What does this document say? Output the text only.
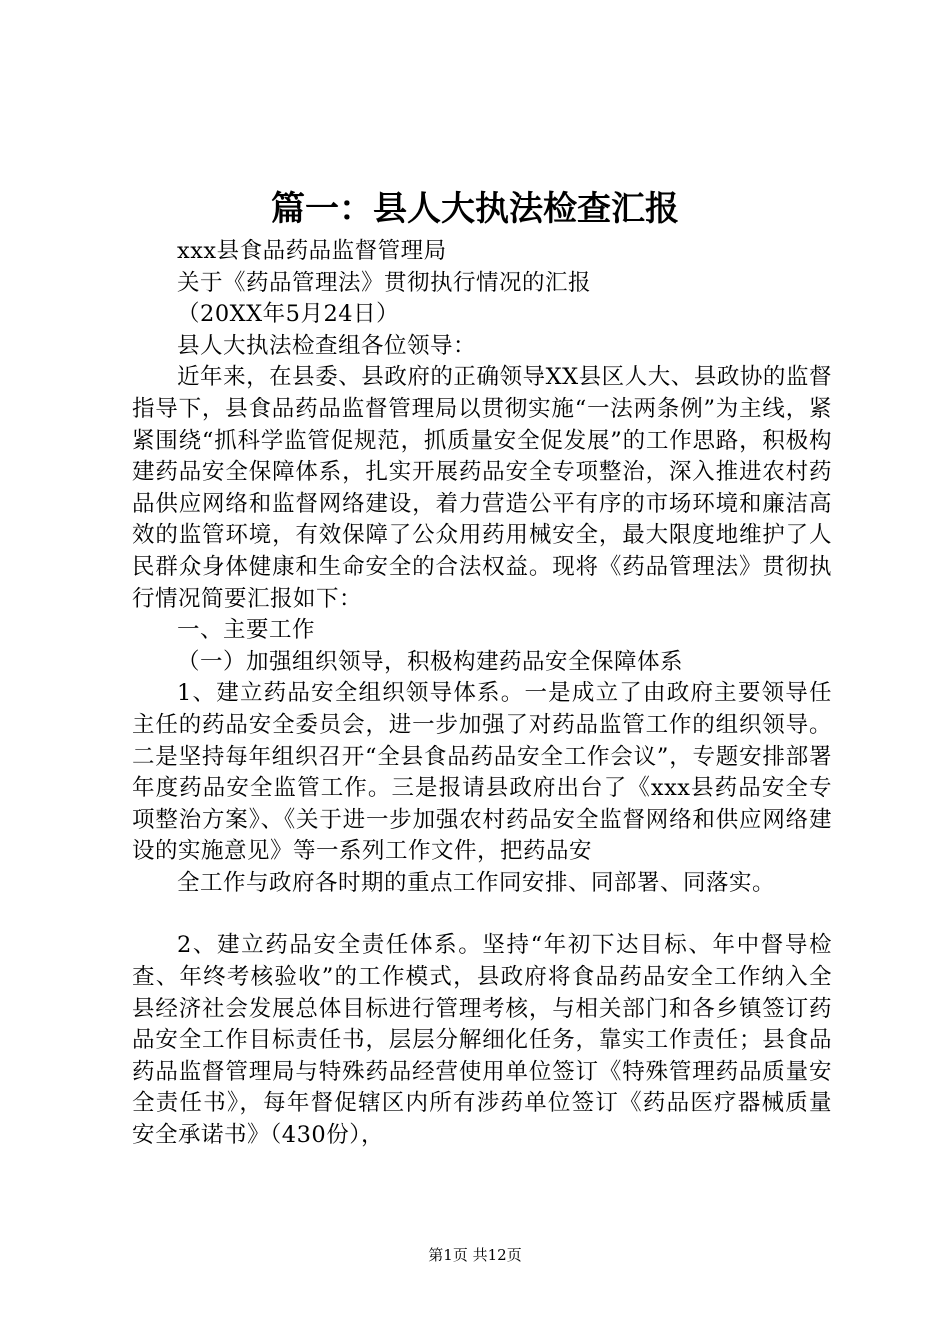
篇一：县人大执法检查汇报

xxx县食品药品监督管理局

关于《药品管理法》贯彻执行情况的汇报

（20XX年5月24日）

县人大执法检查组各位领导：

近年来，在县委、县政府的正确领导XX县区人大、县政协的监督指导下，县食品药品监督管理局以贯彻实施“一法两条例”为主线，紧紧围绕“抓科学监管促规范，抓质量安全促发展”的工作思路，积极构建药品安全保障体系，扎实开展药品安全专项整治，深入推进农村药品供应网络和监督网络建设，着力营造公平有序的市场环境和廉洁高效的监管环境，有效保障了公众用药用械安全，最大限度地维护了人民群众身体健康和生命安全的合法权益。现将《药品管理法》贯彻执行情况简要汇报如下：

一、主要工作

（一）加强组织领导，积极构建药品安全保障体系

1、建立药品安全组织领导体系。一是成立了由政府主要领导任主任的药品安全委员会，进一步加强了对药品监管工作的组织领导。二是坚持每年组织召开“全县食品药品安全工作会议”，专题安排部署年度药品安全监管工作。三是报请县政府出台了《xxx县药品安全专项整治方案》、《关于进一步加强农村药品安全监督网络和供应网络建设的实施意见》等一系列工作文件，把药品安

全工作与政府各时期的重点工作同安排、同部署、同落实。

2、建立药品安全责任体系。坚持“年初下达目标、年中督导检查、年终考核验收”的工作模式，县政府将食品药品安全工作纳入全县经济社会发展总体目标进行管理考核，与相关部门和各乡镇签订药品安全工作目标责任书，层层分解细化任务，靠实工作责任；县食品药品监督管理局与特殊药品经营使用单位签订《特殊管理药品质量安全责任书》，每年督促辖区内所有涉药单位签订《药品医疗器械质量安全承诺书》（430份），

第1页 共12页
